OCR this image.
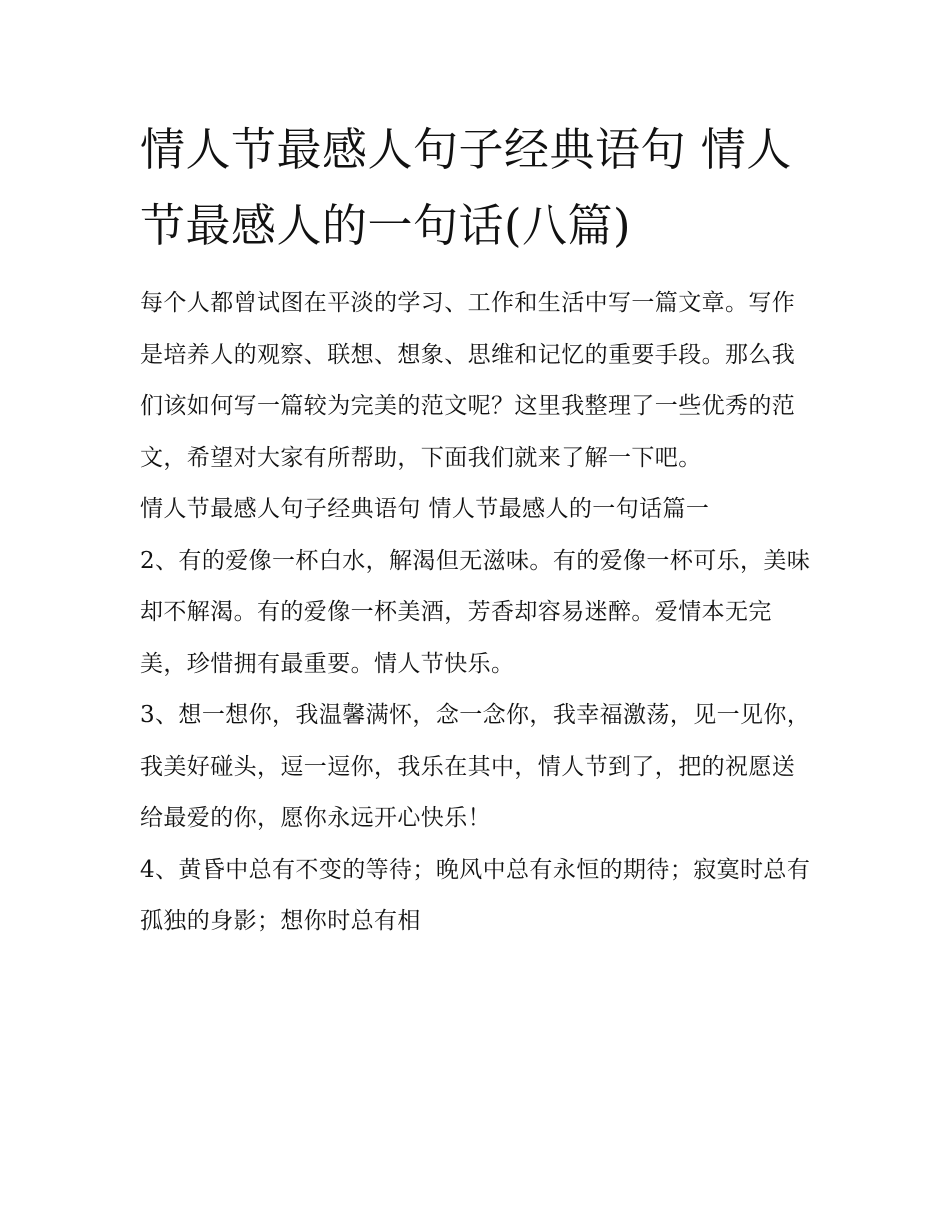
情人节最感人句子经典语句 情人节最感人的一句话(八篇)

每个人都曾试图在平淡的学习、工作和生活中写一篇文章。写作是培养人的观察、联想、想象、思维和记忆的重要手段。那么我们该如何写一篇较为完美的范文呢？这里我整理了一些优秀的范文，希望对大家有所帮助，下面我们就来了解一下吧。

情人节最感人句子经典语句 情人节最感人的一句话篇一

2、有的爱像一杯白水，解渴但无滋味。有的爱像一杯可乐，美味却不解渴。有的爱像一杯美酒，芳香却容易迷醉。爱情本无完美，珍惜拥有最重要。情人节快乐。

3、想一想你，我温馨满怀，念一念你，我幸福激荡，见一见你，我美好碰头，逗一逗你，我乐在其中，情人节到了，把的祝愿送给最爱的你，愿你永远开心快乐！

4、黄昏中总有不变的等待；晚风中总有永恒的期待；寂寞时总有孤独的身影；想你时总有相
